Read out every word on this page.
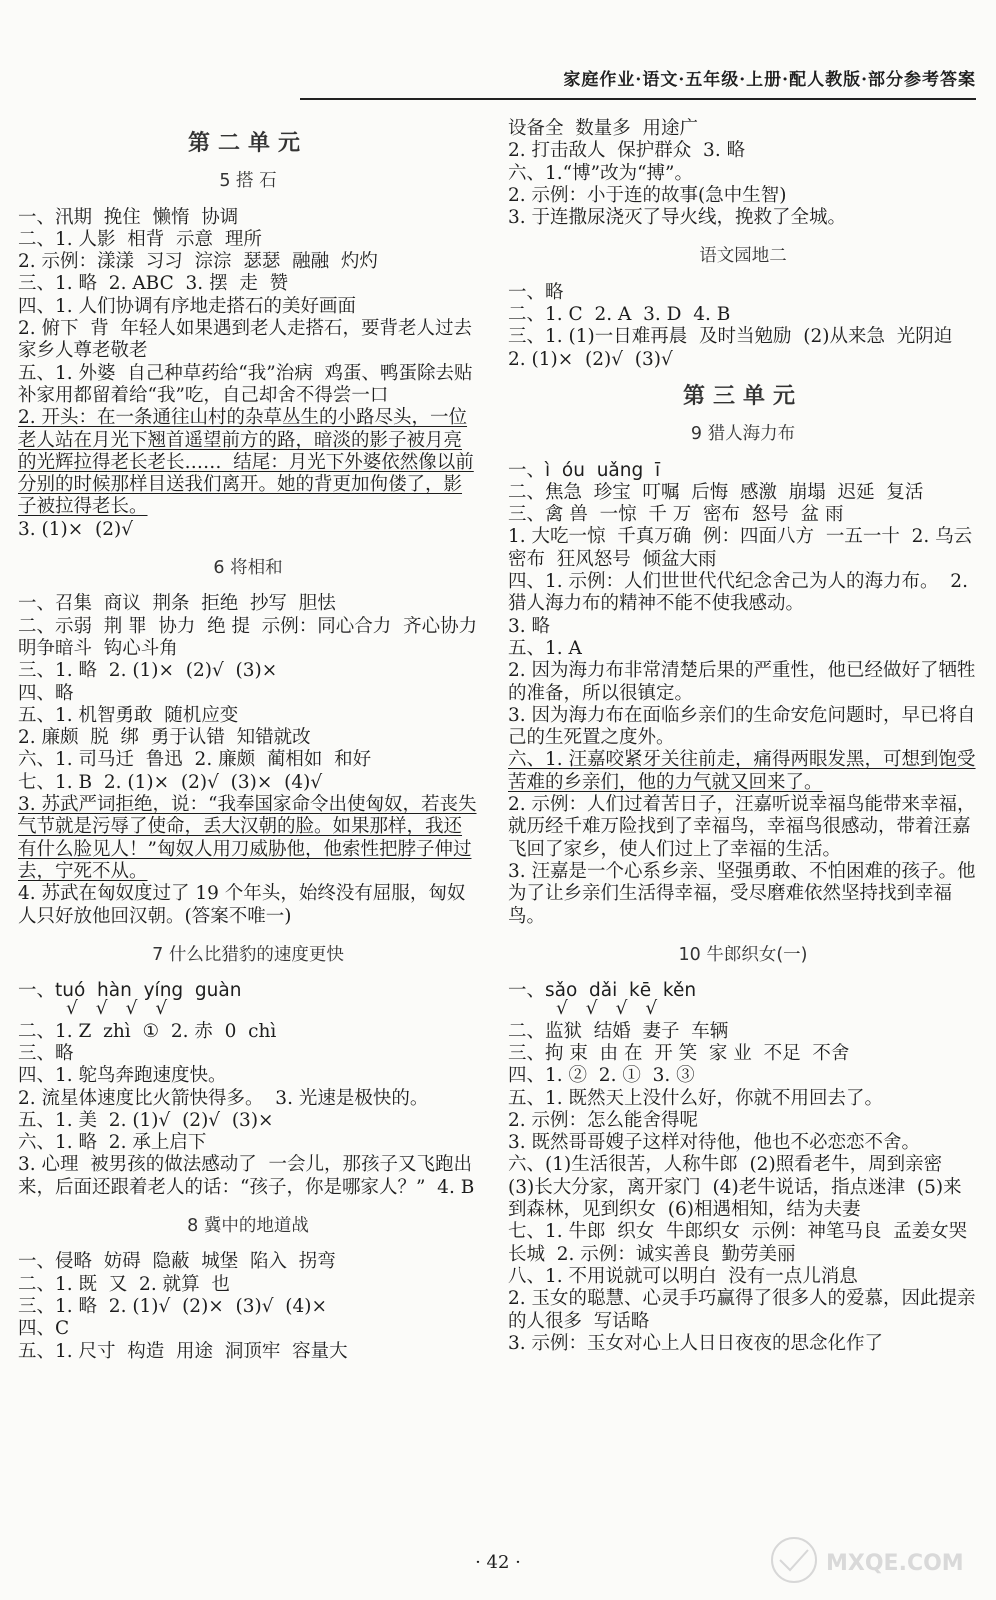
家庭作业·语文·五年级·上册·配人教版·部分参考答案
第二单元
5 搭 石

一、汛期  挽住  懒惰  协调

二、1. 人影  相背  示意  理所

2. 示例：漾漾  习习  淙淙  瑟瑟  融融  灼灼

三、1. 略  2. ABC  3. 摆  走  赞

四、1. 人们协调有序地走搭石的美好画面

2. 俯下  背  年轻人如果遇到老人走搭石，要背老人过去  家乡人尊老敬老

五、1. 外婆  自己种草药给“我”治病  鸡蛋、鸭蛋除去贴补家用都留着给“我”吃，自己却舍不得尝一口

2. 开头：在一条通往山村的杂草丛生的小路尽头，一位老人站在月光下翘首遥望前方的路，暗淡的影子被月亮的光辉拉得老长老长……  结尾：月光下外婆依然像以前分别的时候那样目送我们离开。她的背更加佝偻了，影子被拉得老长。

3. (1)×  (2)√

6 将相和

一、召集  商议  荆条  拒绝  抄写  胆怯

二、示弱  荆 罪  协力  绝 提  示例：同心合力  齐心协力  明争暗斗  钩心斗角

三、1. 略  2. (1)×  (2)√  (3)×

四、略

五、1. 机智勇敢  随机应变

2. 廉颇  脱  绑  勇于认错  知错就改

六、1. 司马迁  鲁迅  2. 廉颇  蔺相如  和好

七、1. B  2. (1)×  (2)√  (3)×  (4)√

3. 苏武严词拒绝，说：“我奉国家命令出使匈奴，若丧失气节就是污辱了使命，丢大汉朝的脸。如果那样，我还有什么脸见人！”匈奴人用刀威胁他，他索性把脖子伸过去，宁死不从。

4. 苏武在匈奴度过了 19 个年头，始终没有屈服，匈奴人只好放他回汉朝。(答案不唯一)

7 什么比猎豹的速度更快

一、tuó  hàn  yíng  guàn

√√√√

二、1. Z  zhì  ①  2. 赤  0  chì

三、略

四、1. 鸵鸟奔跑速度快。

2. 流星体速度比火箭快得多。  3. 光速是极快的。

五、1. 美  2. (1)√  (2)√  (3)×

六、1. 略  2. 承上启下

3. 心理  被男孩的做法感动了  一会儿，那孩子又飞跑出来，后面还跟着老人的话：“孩子，你是哪家人？”  4. B

8 冀中的地道战

一、侵略  妨碍  隐蔽  城堡  陷入  拐弯

二、1. 既  又  2. 就算  也

三、1. 略  2. (1)√  (2)×  (3)√  (4)×

四、C

五、1. 尺寸  构造  用途  洞顶牢  容量大

设备全  数量多  用途广

2. 打击敌人  保护群众  3. 略

六、1.“博”改为“搏”。

2. 示例：小于连的故事(急中生智)

3. 于连撒尿浇灭了导火线，挽救了全城。

语文园地二

一、略

二、1. C  2. A  3. D  4. B

三、1. (1)一日难再晨  及时当勉励  (2)从来急  光阴迫  2. (1)×  (2)√  (3)√

第三单元
9 猎人海力布

一、ì  óu  uǎng  ī

二、焦急  珍宝  叮嘱  后悔  感激  崩塌  迟延  复活

三、禽 兽  一惊  千 万  密布  怒号  盆 雨

1. 大吃一惊  千真万确  例：四面八方  一五一十  2. 乌云密布  狂风怒号  倾盆大雨

四、1. 示例：人们世世代代纪念舍己为人的海力布。  2. 猎人海力布的精神不能不使我感动。

3. 略

五、1. A

2. 因为海力布非常清楚后果的严重性，他已经做好了牺牲的准备，所以很镇定。

3. 因为海力布在面临乡亲们的生命安危问题时，早已将自己的生死置之度外。

六、1. 汪嘉咬紧牙关往前走，痛得两眼发黑，可想到饱受苦难的乡亲们，他的力气就又回来了。

2. 示例：人们过着苦日子，汪嘉听说幸福鸟能带来幸福，就历经千难万险找到了幸福鸟，幸福鸟很感动，带着汪嘉飞回了家乡，使人们过上了幸福的生活。

3. 汪嘉是一个心系乡亲、坚强勇敢、不怕困难的孩子。他为了让乡亲们生活得幸福，受尽磨难依然坚持找到幸福鸟。

10 牛郎织女(一)

一、sǎo  dǎi  kē  kěn

√√√√

二、监狱  结婚  妻子  车辆

三、拘 束  由 在  开 笑  家 业  不足  不舍

四、1. ②  2. ①  3. ③

五、1. 既然天上没什么好，你就不用回去了。

2. 示例：怎么能舍得呢

3. 既然哥哥嫂子这样对待他，他也不必恋恋不舍。

六、(1)生活很苦，人称牛郎  (2)照看老牛，周到亲密  (3)长大分家，离开家门  (4)老牛说话，指点迷津  (5)来到森林，见到织女  (6)相遇相知，结为夫妻

七、1. 牛郎  织女  牛郎织女  示例：神笔马良  孟姜女哭长城  2. 示例：诚实善良  勤劳美丽

八、1. 不用说就可以明白  没有一点儿消息

2. 玉女的聪慧、心灵手巧赢得了很多人的爱慕，因此提亲的人很多  写话略

3. 示例：玉女对心上人日日夜夜的思念化作了

· 42 ·	MXQE.COM
